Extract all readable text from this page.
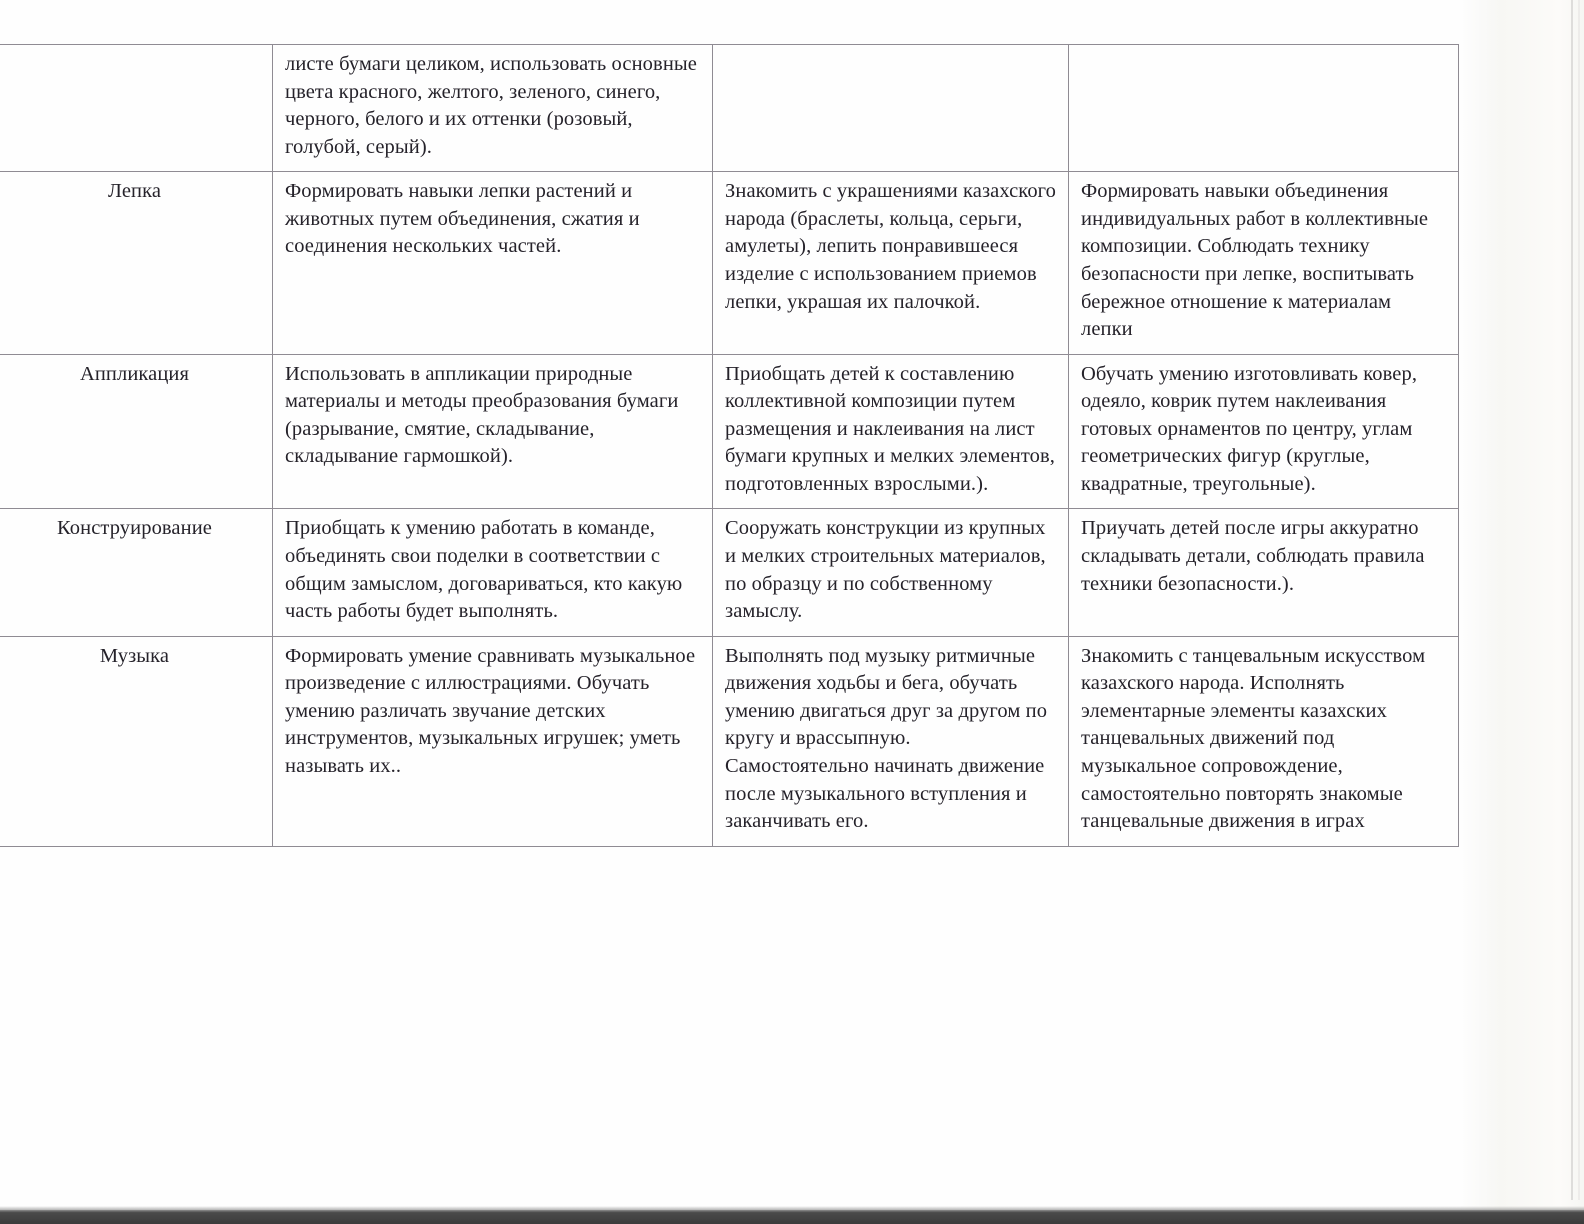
	листе бумаги целиком, использовать основные цвета красного, желтого, зеленого, синего, черного, белого и их оттенки (розовый, голубой, серый).		
Лепка	Формировать навыки лепки растений и животных путем объединения, сжатия и соединения нескольких частей.	Знакомить с украшениями казахского народа (браслеты, кольца, серьги, амулеты), лепить понравившееся изделие с использованием приемов лепки, украшая их палочкой.	Формировать навыки объединения индивидуальных работ в коллективные композиции. Соблюдать технику безопасности при лепке, воспитывать бережное отношение к материалам лепки
Аппликация	Использовать в аппликации природные материалы и методы преобразования бумаги (разрывание, смятие, складывание, складывание гармошкой).	Приобщать детей к составлению коллективной композиции путем размещения и наклеивания на лист бумаги крупных и мелких элементов, подготовленных взрослыми.).	Обучать умению изготовливать ковер, одеяло, коврик путем наклеивания готовых орнаментов по центру, углам геометрических фигур (круглые, квадратные, треугольные).
Конструирование	Приобщать к умению работать в команде, объединять свои поделки в соответствии с общим замыслом, договариваться, кто какую часть работы будет выполнять.	Сооружать конструкции из крупных и мелких строительных материалов, по образцу и по собственному замыслу.	Приучать детей после игры аккуратно складывать детали, соблюдать правила техники безопасности.).
Музыка	Формировать умение сравнивать музыкальное произведение с иллюстрациями. Обучать умению различать звучание детских инструментов, музыкальных игрушек; уметь называть их..	Выполнять под музыку ритмичные движения ходьбы и бега, обучать умению двигаться друг за другом по кругу и врассыпную. Самостоятельно начинать движение после музыкального вступления и заканчивать его.	Знакомить с танцевальным искусством казахского народа. Исполнять элементарные элементы казахских танцевальных движений под музыкальное сопровождение, самостоятельно повторять знакомые танцевальные движения в играх
